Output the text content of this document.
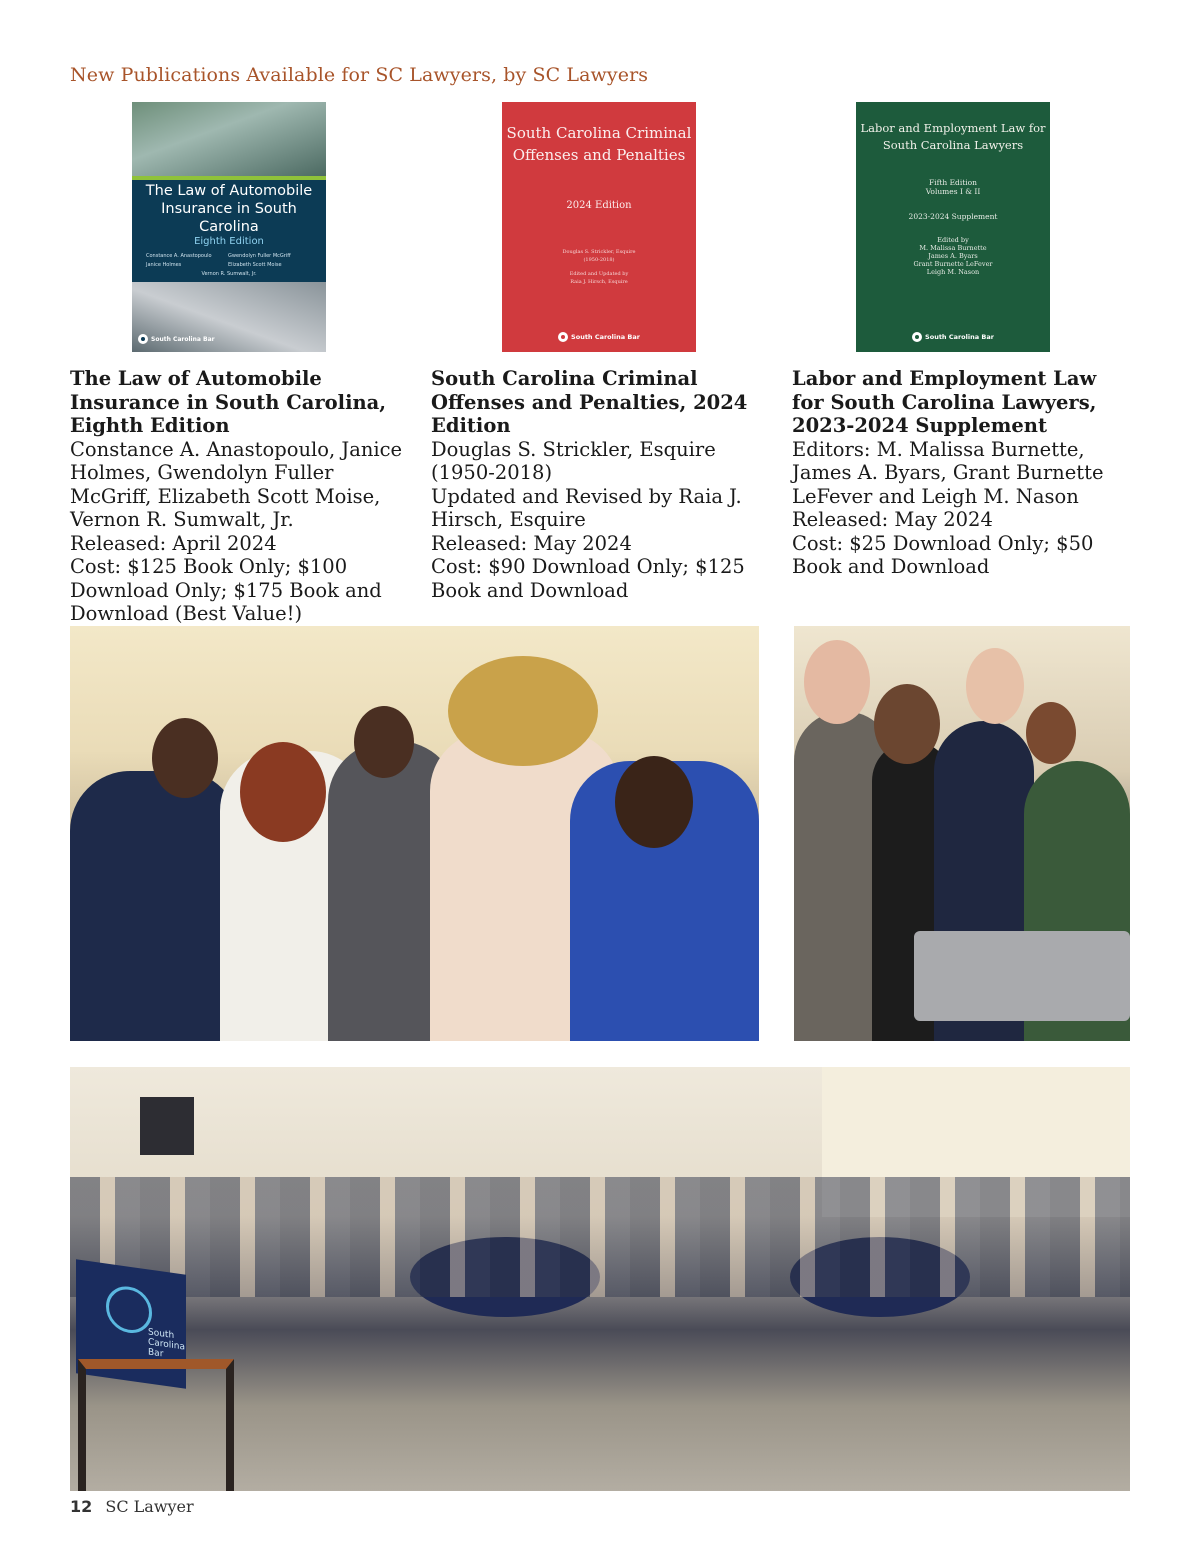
New Publications Available for SC Lawyers, by SC Lawyers
The Law of Automobile Insurance in South Carolina
Eighth Edition
Constance A. Anastopoulo	Gwendolyn Fuller McGriff
Janice Holmes	Elizabeth Scott Moise

Vernon R. Sumwalt, Jr.
South Carolina Bar
South Carolina Criminal Offenses and Penalties
2024 Edition
Douglas S. Strickler, Esquire
(1950-2018)
Edited and Updated by
Raia J. Hirsch, Esquire
South Carolina Bar
Labor and Employment Law for South Carolina Lawyers
Fifth Edition
Volumes I & II
2023-2024 Supplement
Edited by
M. Malissa Burnette
James A. Byars
Grant Burnette LeFever
Leigh M. Nason
South Carolina Bar
The Law of Automobile Insurance in South Carolina, Eighth Edition
Constance A. Anastopoulo, Janice Holmes, Gwendolyn Fuller McGriff, Elizabeth Scott Moise, Vernon R. Sumwalt, Jr.
Released: April 2024
Cost: $125 Book Only; $100 Download Only; $175 Book and Download (Best Value!)
South Carolina Criminal Offenses and Penalties, 2024 Edition
Douglas S. Strickler, Esquire (1950-2018)
Updated and Revised by Raia J. Hirsch, Esquire
Released: May 2024
Cost: $90 Download Only; $125 Book and Download
Labor and Employment Law for South Carolina Lawyers, 2023-2024 Supplement
Editors: M. Malissa Burnette, James A. Byars, Grant Burnette LeFever and Leigh M. Nason
Released: May 2024
Cost: $25 Download Only; $50 Book and Download
South Carolina Bar
12 SC Lawyer
